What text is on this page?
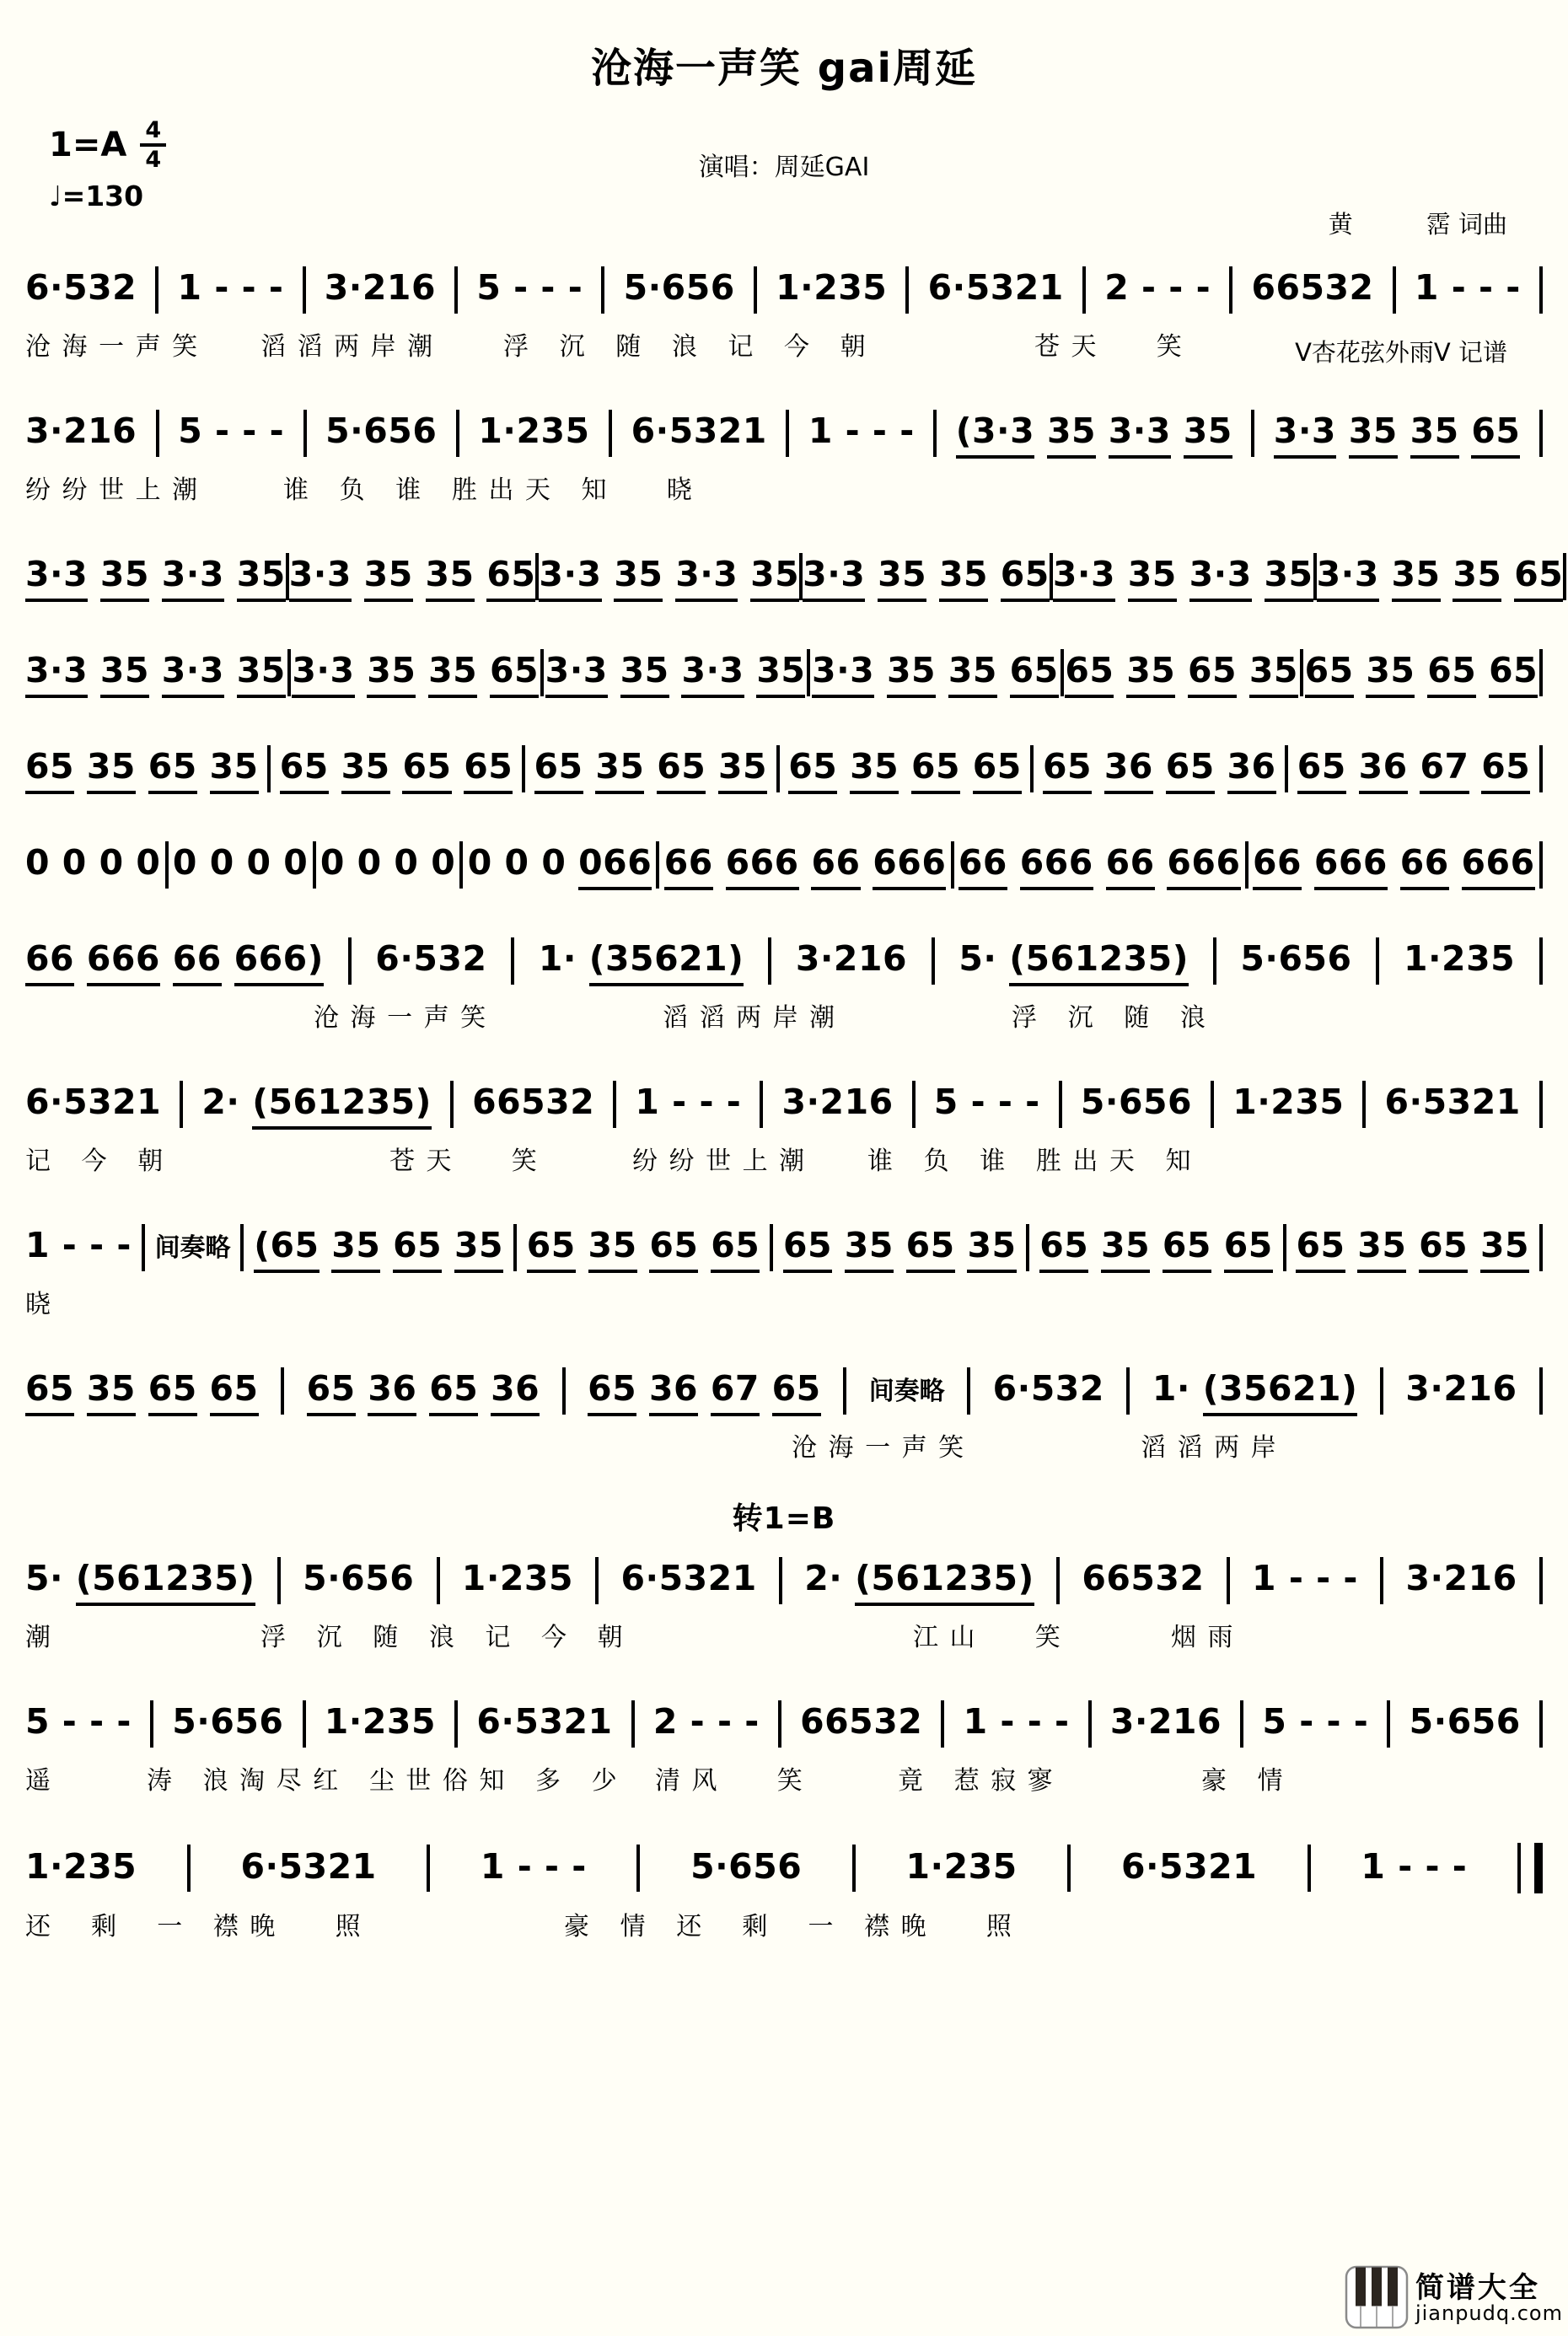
沧海一声笑 gai周延
1=A 4
4
♩=130
演唱：周延GAI

黄　　　霑 词曲

V杏花弦外雨V 记谱

6·532 1 - - - 3·216 5 - - - 5·656 1·235 6·5321 2 - - - 66532 1 - - -
沧 海 一 声 笑 滔 滔 两 岸 潮	浮   沉   随   浪   记   今   朝	苍 天      笑
3·216 5 - - - 5·656 1·235 6·5321 1 - - - (3·3 35 3·3 35 3·3 35 35 65
纷 纷 世 上 潮	谁   负   谁   胜 出 天   知      晓
3·3 35 3·3 35 3·3 35 35 65 3·3 35 3·3 35 3·3 35 35 65 3·3 35 3·3 35 3·3 35 35 65
3·3 35 3·3 35 3·3 35 35 65 3·3 35 3·3 35 3·3 35 35 65 65 35 65 35 65 35 65 65
65 35 65 35 65 35 65 65 65 35 65 35 65 35 65 65 65 36 65 36 65 36 67 65
0 0 0 0 0 0 0 0 0 0 0 0 0 0 0 066 66 666 66 666 66 666 66 666 66 666 66 666
66 666 66 666) 6·532 1· (35621) 3·216 5· (561235) 5·656 1·235
沧 海 一 声 笑	滔 滔 两 岸 潮	浮   沉   随   浪
6·5321 2· (561235) 66532 1 - - - 3·216 5 - - - 5·656 1·235 6·5321
记   今   朝	苍 天      笑	纷 纷 世 上 潮 谁   负   谁   胜 出 天   知
1 - - - 间奏略 (65 35 65 35 65 35 65 65 65 35 65 35 65 35 65 65 65 35 65 35
晓
65 35 65 65 65 36 65 36 65 36 67 65 间奏略 6·532 1· (35621) 3·216
沧 海 一 声 笑	滔 滔 两 岸
转1=B
5· (561235) 5·656 1·235 6·5321 2· (561235) 66532 1 - - - 3·216
潮	浮   沉   随   浪   记   今   朝	江 山      笑	烟 雨
5 - - - 5·656 1·235 6·5321 2 - - - 66532 1 - - - 3·216 5 - - - 5·656
遥	涛   浪 淘 尽 红   尘 世 俗 知   多   少 清 风      笑	竟   惹 寂 寥	豪   情
1·235	6·5321	1 - - -	5·656	1·235	6·5321	1 - - -
还    剩    一   襟 晚      照	豪   情   还    剩    一   襟 晚      照
简谱大全
jianpudq.com
